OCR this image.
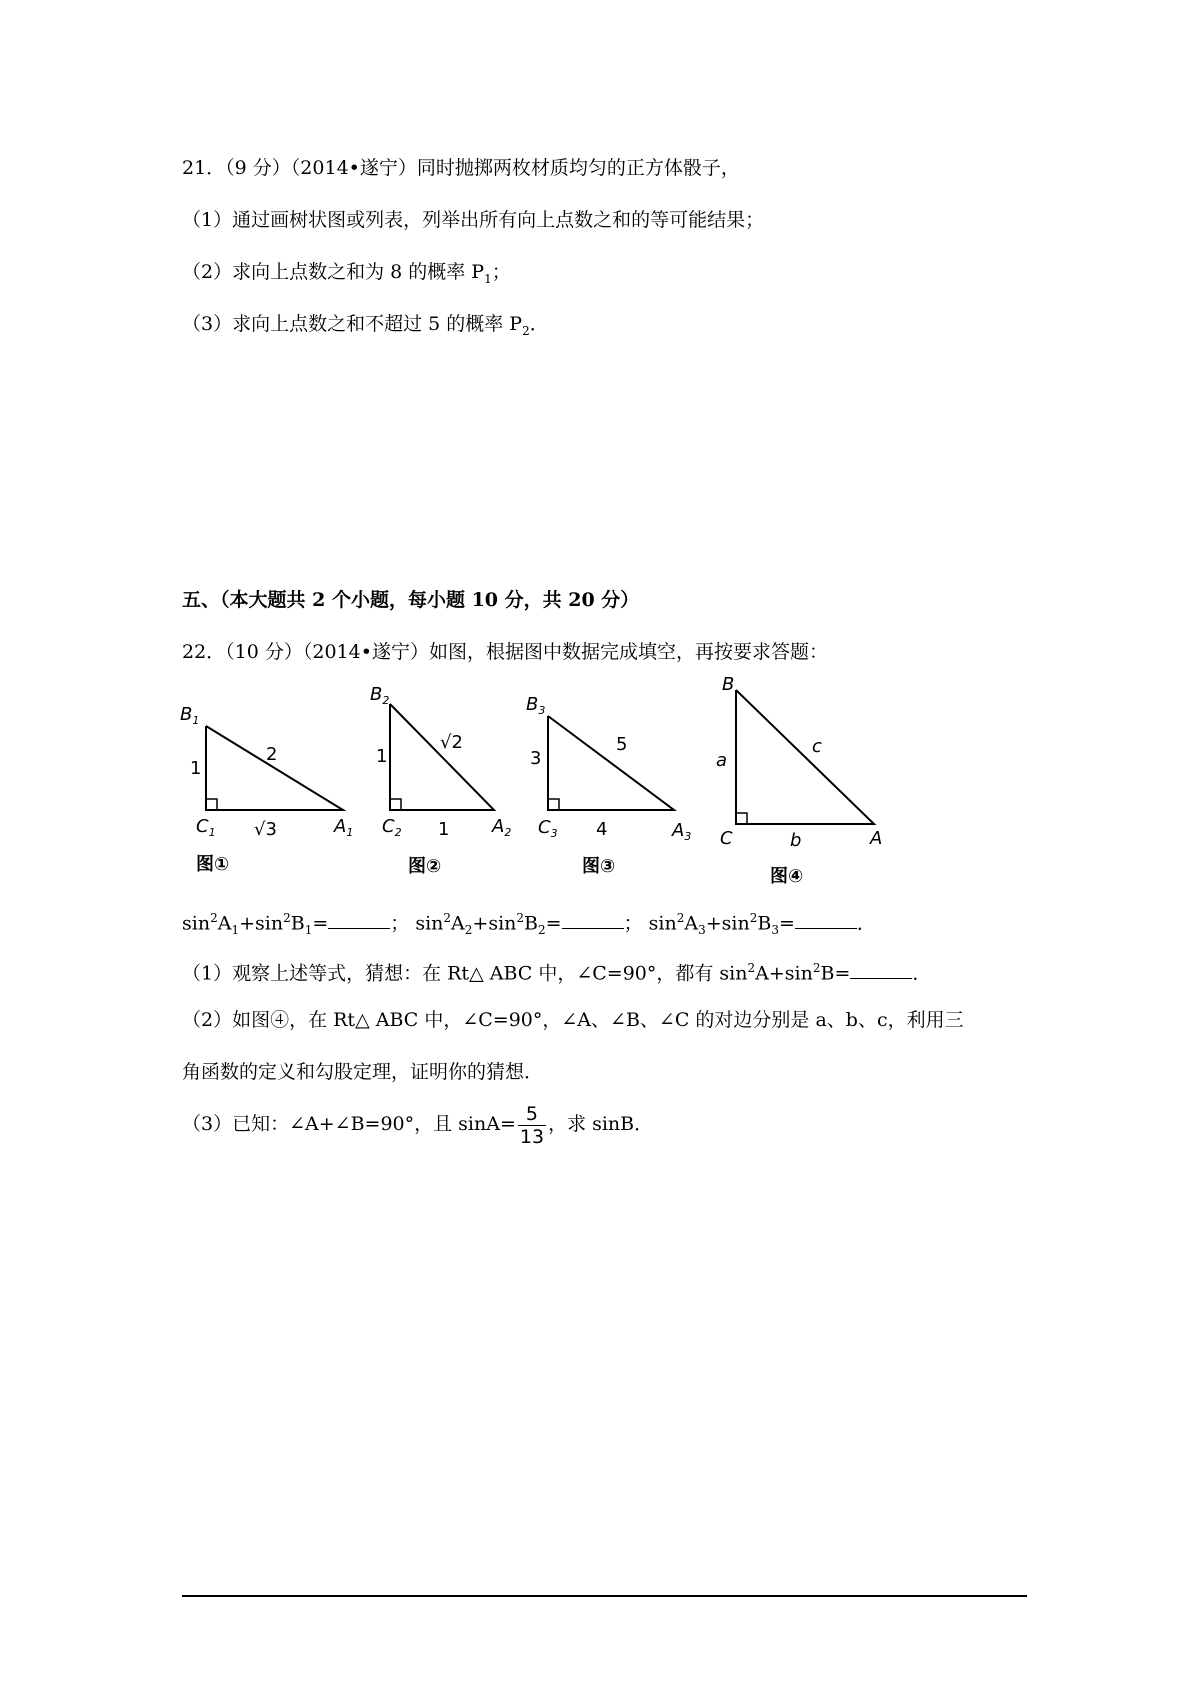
21．（9 分）（2014•遂宁）同时抛掷两枚材质均匀的正方体骰子，
（1）通过画树状图或列表，列举出所有向上点数之和的等可能结果；
（2）求向上点数之和为 8 的概率 $P_1$；
（3）求向上点数之和不超过 5 的概率 $P_2$．
五、（本大题共 2 个小题，每小题 10 分，共 20 分）
22．（10 分）（2014•遂宁）如图，根据图中数据完成填空，再按要求答题：
$B_1$
1
2
$C_1$ √3	$A_1$
图①
$B_2$
1
√2
$C_2$ 1 $A_2$
图②
$B_3$
3
5
$C_3$ 4	$A_3$
图③
B
a
c
C	b	A
图④
$\sin^2A_1+\sin^2B_1=$	； $\sin^2A_2+\sin^2B_2=$	； $\sin^2A_3+\sin^2B_3=$	．
（1）观察上述等式，猜想：在 Rt△ ABC 中，∠C=90°，都有 $\sin^2A+\sin^2B=$	．
（2）如图④，在 Rt△ ABC 中，∠C=90°，∠A、∠B、∠C 的对边分别是 a、b、c，利用三
角函数的定义和勾股定理，证明你的猜想．
（3）已知：∠A+∠B=90°，且 $\sin A= \frac{5}{13}$ ，求 sinB．
